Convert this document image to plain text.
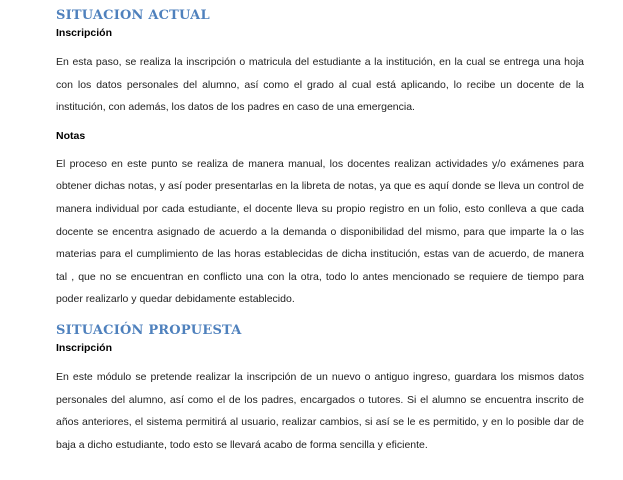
SITUACION ACTUAL
Inscripción

En esta paso, se realiza la inscripción o matricula del estudiante a la institución, en la cual se entrega una hoja con los datos personales del alumno, así como el grado al cual está aplicando, lo recibe un docente de la institución, con además, los datos de los padres en caso de una emergencia.

Notas

El proceso en este punto se realiza de manera manual, los docentes realizan actividades y/o exámenes para obtener dichas notas, y así poder presentarlas en la libreta de notas, ya que es aquí donde se lleva un control de manera individual por cada estudiante, el docente lleva su propio registro en un folio, esto conlleva a que cada docente se encentra asignado de acuerdo a la demanda o disponibilidad del mismo, para que imparte la o las materias para el cumplimiento de las horas establecidas de dicha institución, estas van de acuerdo, de manera tal , que no se encuentran en conflicto una con la otra, todo lo antes mencionado se requiere de tiempo para poder realizarlo y quedar debidamente establecido.

SITUACIÓN PROPUESTA
Inscripción

En este módulo se pretende realizar la inscripción de un nuevo o antiguo ingreso, guardara los mismos datos personales del alumno, así como el de los padres, encargados o tutores. Si el alumno se encuentra inscrito de años anteriores, el sistema permitirá al usuario, realizar cambios, si así se le es permitido, y en lo posible dar de baja a dicho estudiante, todo esto se llevará acabo de forma sencilla y eficiente.
